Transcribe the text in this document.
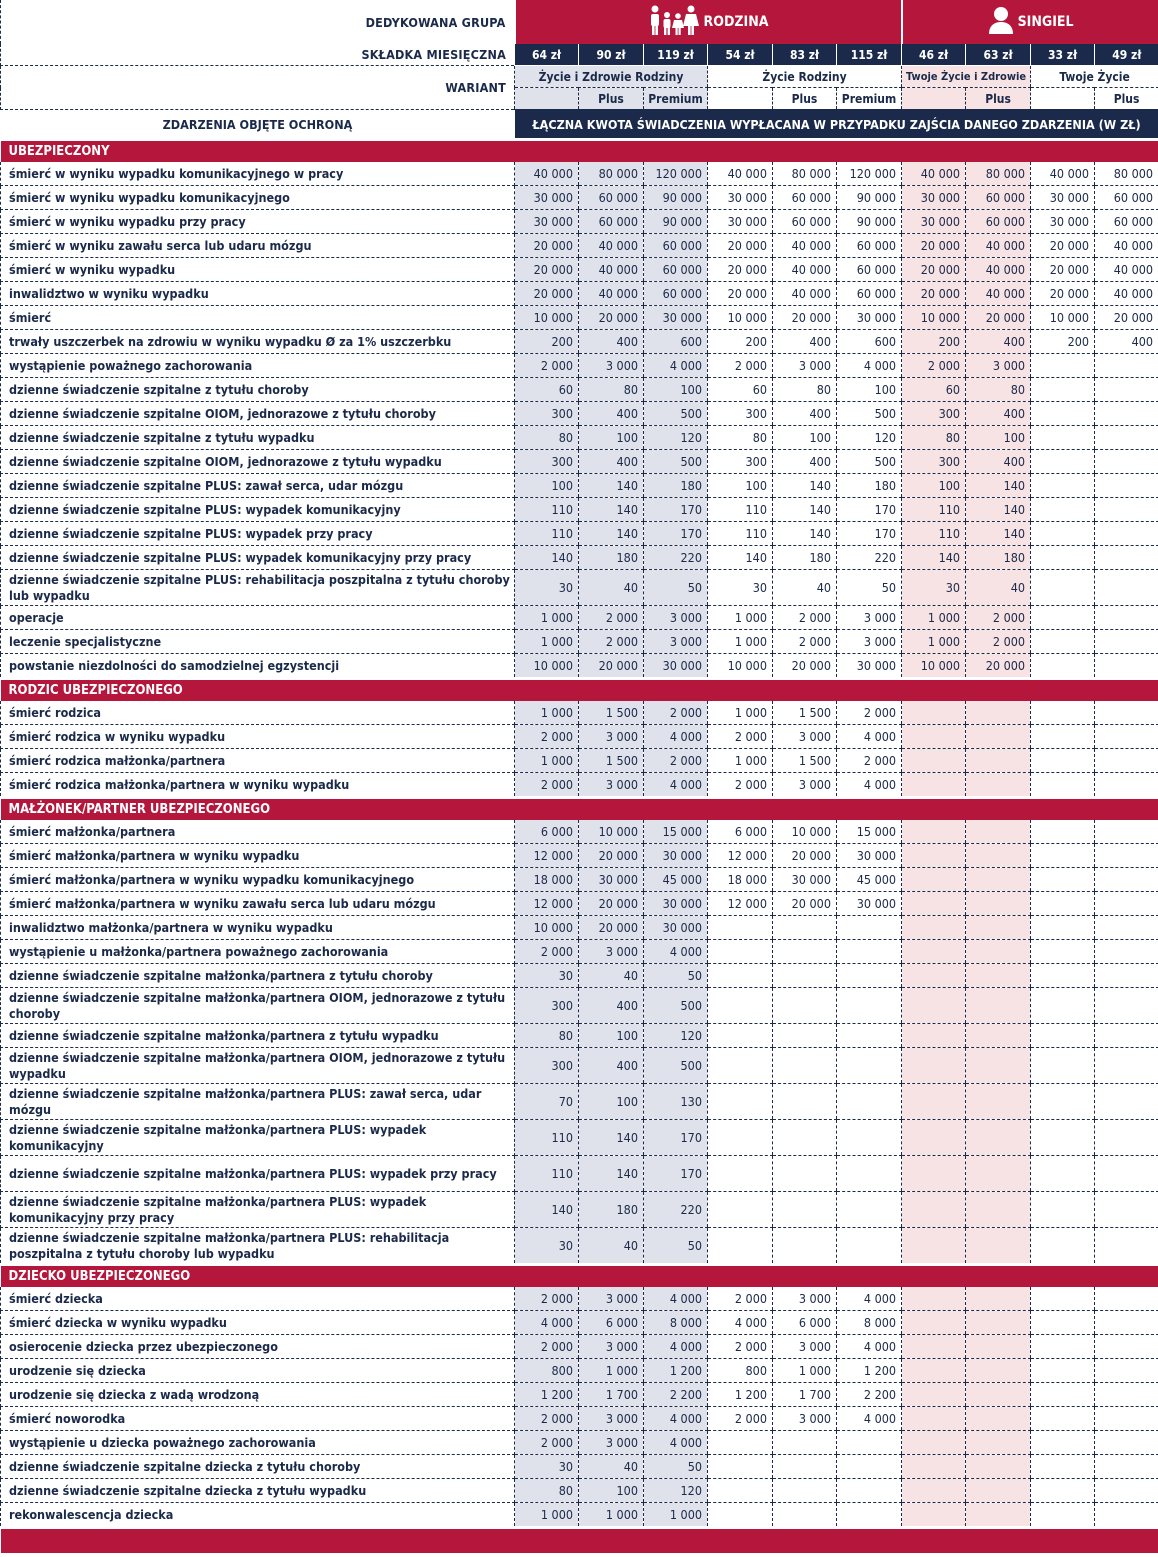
DEDYKOWANA GRUPA	RODZINA						SINGIEL			
SKŁADKA MIESIĘCZNA	64 zł	90 zł	119 zł	54 zł	83 zł	115 zł	46 zł	63 zł	33 zł	49 zł
WARIANT	Życie i Zdrowie Rodziny			Życie Rodziny			Twoje Życie i Zdrowie		Twoje Życie	
		Plus	Premium		Plus	Premium		Plus		Plus
ZDARZENIA OBJĘTE OCHRONĄ	ŁĄCZNA KWOTA ŚWIADCZENIA WYPŁACANA W PRZYPADKU ZAJŚCIA DANEGO ZDARZENIA (W ZŁ)									
UBEZPIECZONY										
śmierć w wyniku wypadku komunikacyjnego w pracy	40 000	80 000	120 000	40 000	80 000	120 000	40 000	80 000	40 000	80 000
śmierć w wyniku wypadku komunikacyjnego	30 000	60 000	90 000	30 000	60 000	90 000	30 000	60 000	30 000	60 000
śmierć w wyniku wypadku przy pracy	30 000	60 000	90 000	30 000	60 000	90 000	30 000	60 000	30 000	60 000
śmierć w wyniku zawału serca lub udaru mózgu	20 000	40 000	60 000	20 000	40 000	60 000	20 000	40 000	20 000	40 000
śmierć w wyniku wypadku	20 000	40 000	60 000	20 000	40 000	60 000	20 000	40 000	20 000	40 000
inwalidztwo w wyniku wypadku	20 000	40 000	60 000	20 000	40 000	60 000	20 000	40 000	20 000	40 000
śmierć	10 000	20 000	30 000	10 000	20 000	30 000	10 000	20 000	10 000	20 000
trwały uszczerbek na zdrowiu w wyniku wypadku Ø za 1% uszczerbku	200	400	600	200	400	600	200	400	200	400
wystąpienie poważnego zachorowania	2 000	3 000	4 000	2 000	3 000	4 000	2 000	3 000		
dzienne świadczenie szpitalne z tytułu choroby	60	80	100	60	80	100	60	80		
dzienne świadczenie szpitalne OIOM, jednorazowe z tytułu choroby	300	400	500	300	400	500	300	400		
dzienne świadczenie szpitalne z tytułu wypadku	80	100	120	80	100	120	80	100		
dzienne świadczenie szpitalne OIOM, jednorazowe z tytułu wypadku	300	400	500	300	400	500	300	400		
dzienne świadczenie szpitalne PLUS: zawał serca, udar mózgu	100	140	180	100	140	180	100	140		
dzienne świadczenie szpitalne PLUS: wypadek komunikacyjny	110	140	170	110	140	170	110	140		
dzienne świadczenie szpitalne PLUS: wypadek przy pracy	110	140	170	110	140	170	110	140		
dzienne świadczenie szpitalne PLUS: wypadek komunikacyjny przy pracy	140	180	220	140	180	220	140	180		
dzienne świadczenie szpitalne PLUS: rehabilitacja poszpitalna z tytułu choroby lub wypadku	30	40	50	30	40	50	30	40		
operacje	1 000	2 000	3 000	1 000	2 000	3 000	1 000	2 000		
leczenie specjalistyczne	1 000	2 000	3 000	1 000	2 000	3 000	1 000	2 000		
powstanie niezdolności do samodzielnej egzystencji	10 000	20 000	30 000	10 000	20 000	30 000	10 000	20 000		
RODZIC UBEZPIECZONEGO										
śmierć rodzica	1 000	1 500	2 000	1 000	1 500	2 000				
śmierć rodzica w wyniku wypadku	2 000	3 000	4 000	2 000	3 000	4 000				
śmierć rodzica małżonka/partnera	1 000	1 500	2 000	1 000	1 500	2 000				
śmierć rodzica małżonka/partnera w wyniku wypadku	2 000	3 000	4 000	2 000	3 000	4 000				
MAŁŻONEK/PARTNER UBEZPIECZONEGO										
śmierć małżonka/partnera	6 000	10 000	15 000	6 000	10 000	15 000				
śmierć małżonka/partnera w wyniku wypadku	12 000	20 000	30 000	12 000	20 000	30 000				
śmierć małżonka/partnera w wyniku wypadku komunikacyjnego	18 000	30 000	45 000	18 000	30 000	45 000				
śmierć małżonka/partnera w wyniku zawału serca lub udaru mózgu	12 000	20 000	30 000	12 000	20 000	30 000				
inwalidztwo małżonka/partnera w wyniku wypadku	10 000	20 000	30 000							
wystąpienie u małżonka/partnera poważnego zachorowania	2 000	3 000	4 000							
dzienne świadczenie szpitalne małżonka/partnera z tytułu choroby	30	40	50							
dzienne świadczenie szpitalne małżonka/partnera OIOM, jednorazowe z tytułu choroby	300	400	500							
dzienne świadczenie szpitalne małżonka/partnera z tytułu wypadku	80	100	120							
dzienne świadczenie szpitalne małżonka/partnera OIOM, jednorazowe z tytułu wypadku	300	400	500							
dzienne świadczenie szpitalne małżonka/partnera PLUS: zawał serca, udar mózgu	70	100	130							
dzienne świadczenie szpitalne małżonka/partnera PLUS: wypadek komunikacyjny	110	140	170							
dzienne świadczenie szpitalne małżonka/partnera PLUS: wypadek przy pracy	110	140	170							
dzienne świadczenie szpitalne małżonka/partnera PLUS: wypadek komunikacyjny przy pracy	140	180	220							
dzienne świadczenie szpitalne małżonka/partnera PLUS: rehabilitacja poszpitalna z tytułu choroby lub wypadku	30	40	50							
DZIECKO UBEZPIECZONEGO										
śmierć dziecka	2 000	3 000	4 000	2 000	3 000	4 000				
śmierć dziecka w wyniku wypadku	4 000	6 000	8 000	4 000	6 000	8 000				
osierocenie dziecka przez ubezpieczonego	2 000	3 000	4 000	2 000	3 000	4 000				
urodzenie się dziecka	800	1 000	1 200	800	1 000	1 200				
urodzenie się dziecka z wadą wrodzoną	1 200	1 700	2 200	1 200	1 700	2 200				
śmierć noworodka	2 000	3 000	4 000	2 000	3 000	4 000				
wystąpienie u dziecka poważnego zachorowania	2 000	3 000	4 000							
dzienne świadczenie szpitalne dziecka z tytułu choroby	30	40	50							
dzienne świadczenie szpitalne dziecka z tytułu wypadku	80	100	120							
rekonwalescencja dziecka	1 000	1 000	1 000							
